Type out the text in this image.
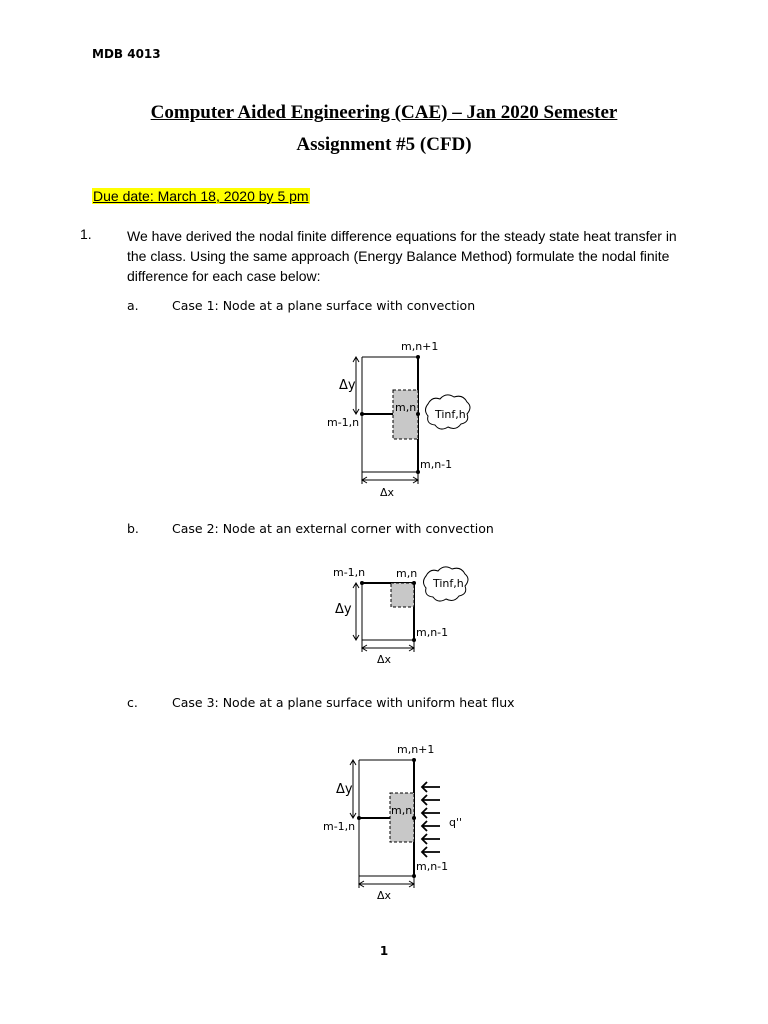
MDB 4013
Computer Aided Engineering (CAE) – Jan 2020 Semester
Assignment #5 (CFD)
Due date: March 18, 2020 by 5 pm
1.	We have derived the nodal finite difference equations for the steady state heat transfer in the class. Using the same approach (Energy Balance Method) formulate the nodal finite difference for each case below:
a.	Case 1: Node at a plane surface with convection
m,n+1
Δy
m,n
m-1,n
Tinf,h
m,n-1
Δx
b.	Case 2: Node at an external corner with convection
m-1,n	m,n
Tinf,h
Δy
m,n-1
Δx
c.	Case 3: Node at a plane surface with uniform heat flux
m,n+1
Δy
m,n
m-1,n	q''
m,n-1
Δx
1
